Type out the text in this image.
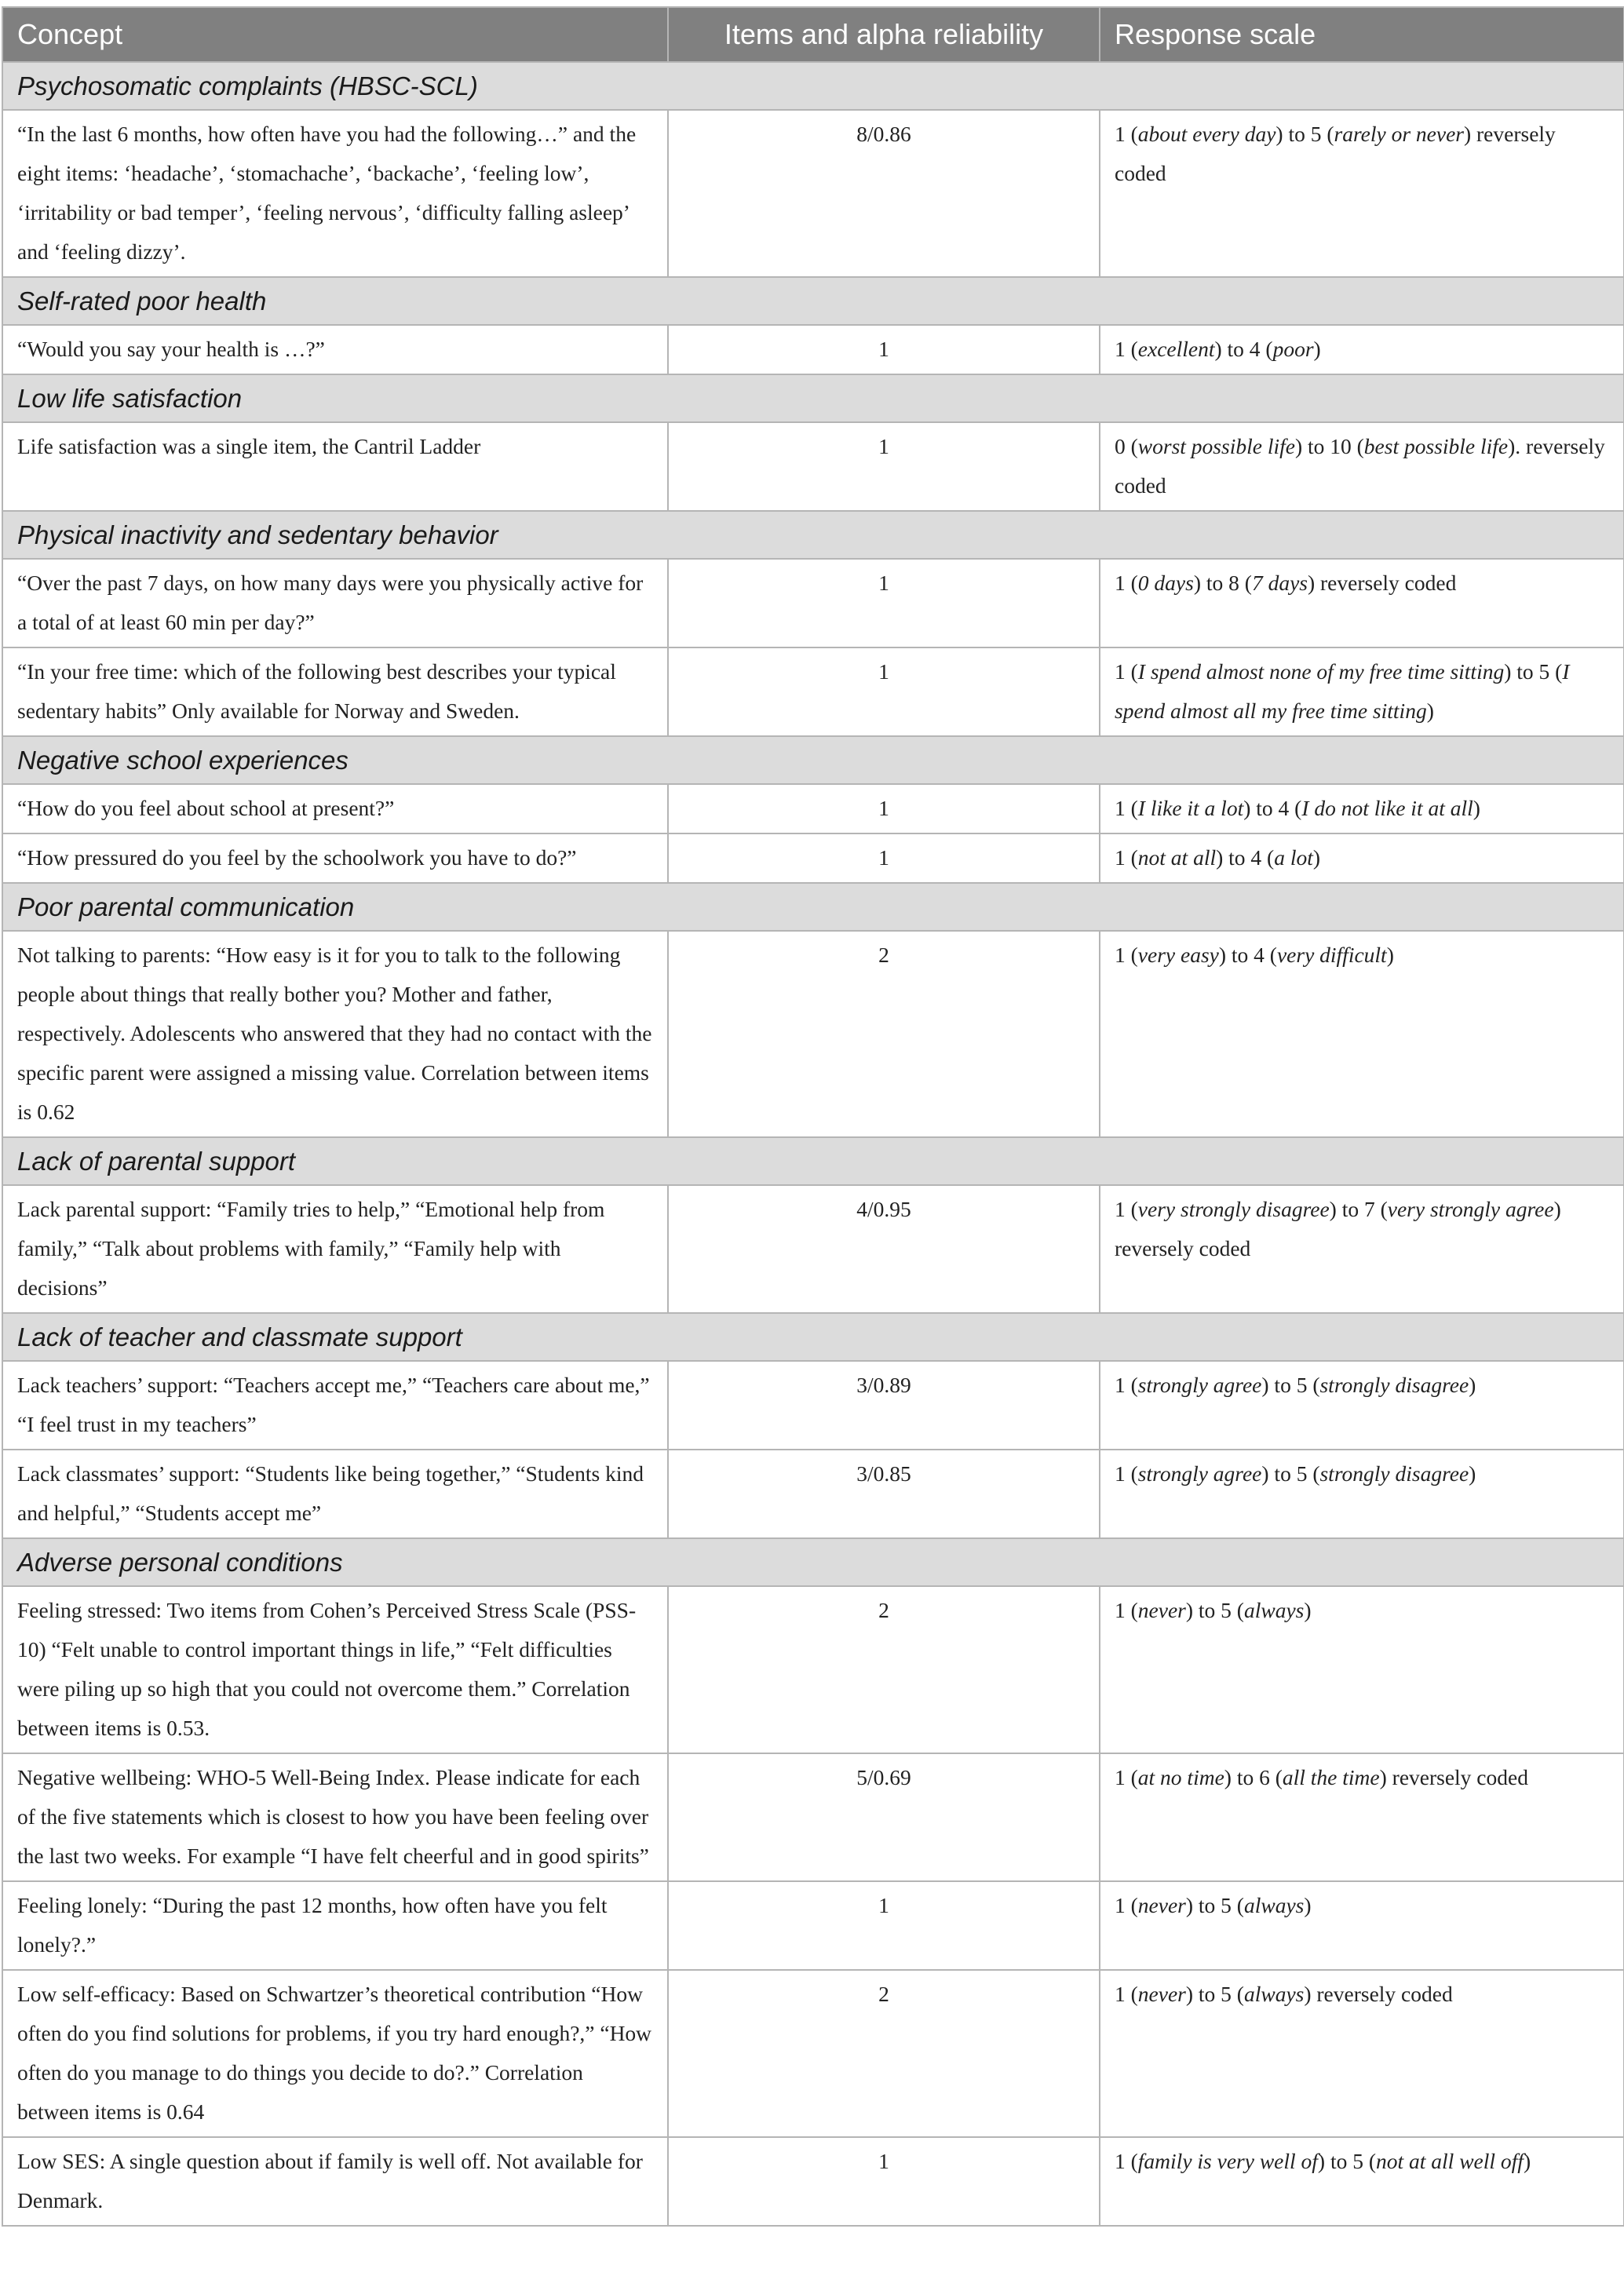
Concept	Items and alpha reliability	Response scale
Psychosomatic complaints (HBSC-SCL)		
“In the last 6 months, how often have you had the following…” and the eight items: ‘headache’, ‘stomachache’, ‘backache’, ‘feeling low’, ‘irritability or bad temper’, ‘feeling nervous’, ‘difficulty falling asleep’ and ‘feeling dizzy’.	8/0.86	1 (about every day) to 5 (rarely or never) reversely coded
Self-rated poor health		
“Would you say your health is …?”	1	1 (excellent) to 4 (poor)
Low life satisfaction		
Life satisfaction was a single item, the Cantril Ladder	1	0 (worst possible life) to 10 (best possible life). reversely coded
Physical inactivity and sedentary behavior		
“Over the past 7 days, on how many days were you physically active for a total of at least 60 min per day?”	1	1 (0 days) to 8 (7 days) reversely coded
“In your free time: which of the following best describes your typical sedentary habits” Only available for Norway and Sweden.	1	1 (I spend almost none of my free time sitting) to 5 (I spend almost all my free time sitting)
Negative school experiences		
“How do you feel about school at present?”	1	1 (I like it a lot) to 4 (I do not like it at all)
“How pressured do you feel by the schoolwork you have to do?”	1	1 (not at all) to 4 (a lot)
Poor parental communication		
Not talking to parents: “How easy is it for you to talk to the following people about things that really bother you? Mother and father, respectively. Adolescents who answered that they had no contact with the specific parent were assigned a missing value. Correlation between items is 0.62	2	1 (very easy) to 4 (very difficult)
Lack of parental support		
Lack parental support: “Family tries to help,” “Emotional help from family,” “Talk about problems with family,” “Family help with decisions”	4/0.95	1 (very strongly disagree) to 7 (very strongly agree) reversely coded
Lack of teacher and classmate support		
Lack teachers’ support: “Teachers accept me,” “Teachers care about me,” “I feel trust in my teachers”	3/0.89	1 (strongly agree) to 5 (strongly disagree)
Lack classmates’ support: “Students like being together,” “Students kind and helpful,” “Students accept me”	3/0.85	1 (strongly agree) to 5 (strongly disagree)
Adverse personal conditions		
Feeling stressed: Two items from Cohen’s Perceived Stress Scale (PSS-10) “Felt unable to control important things in life,” “Felt difficulties were piling up so high that you could not overcome them.” Correlation between items is 0.53.	2	1 (never) to 5 (always)
Negative wellbeing: WHO-5 Well-Being Index. Please indicate for each of the five statements which is closest to how you have been feeling over the last two weeks. For example “I have felt cheerful and in good spirits”	5/0.69	1 (at no time) to 6 (all the time) reversely coded
Feeling lonely: “During the past 12 months, how often have you felt lonely?.”	1	1 (never) to 5 (always)
Low self-efficacy: Based on Schwartzer’s theoretical contribution “How often do you find solutions for problems, if you try hard enough?,” “How often do you manage to do things you decide to do?.” Correlation between items is 0.64	2	1 (never) to 5 (always) reversely coded
Low SES: A single question about if family is well off. Not available for Denmark.	1	1 (family is very well of) to 5 (not at all well off)
